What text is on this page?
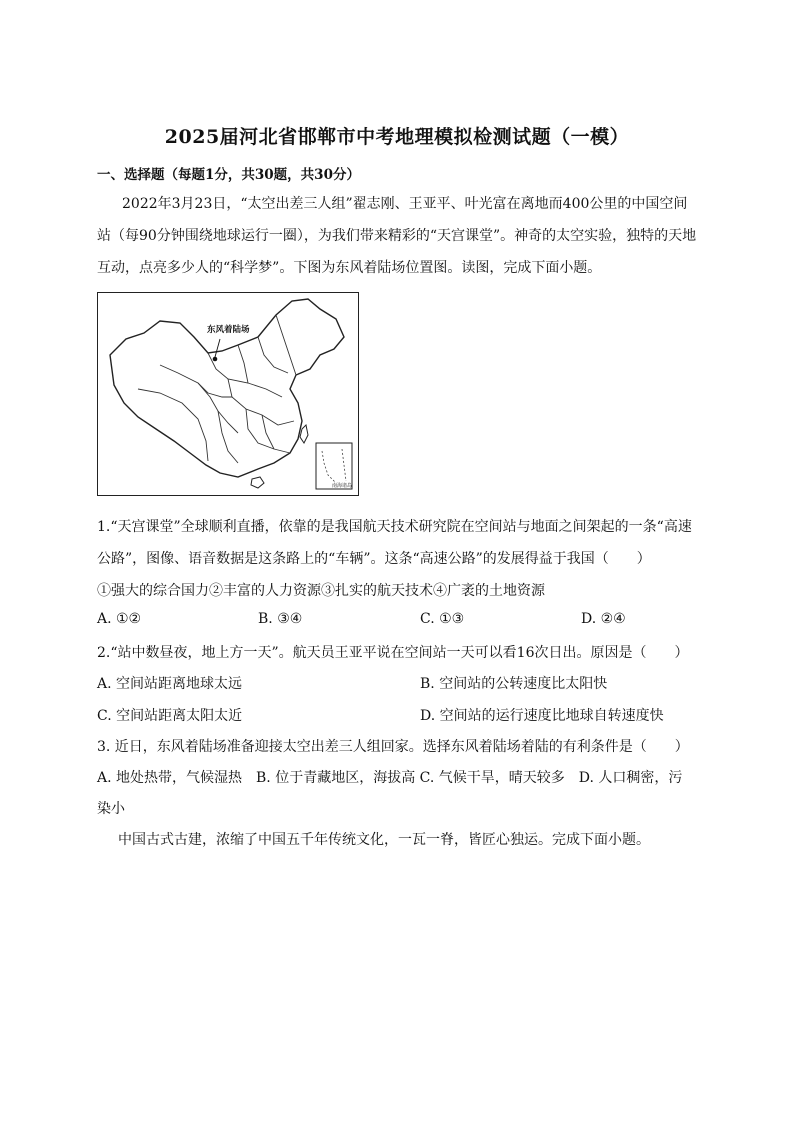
2025届河北省邯郸市中考地理模拟检测试题（一模）
一、选择题（每题1分，共30题，共30分）
2022年3月23日，“太空出差三人组”翟志刚、王亚平、叶光富在离地而400公里的中国空间
站（每90分钟围绕地球运行一圈），为我们带来精彩的“天宫课堂”。神奇的太空实验，独特的天地
互动，点亮多少人的“科学梦”。下图为东风着陆场位置图。读图，完成下面小题。
南海诸岛
东风着陆场
1.“天宫课堂”全球顺利直播，依靠的是我国航天技术研究院在空间站与地面之间架起的一条“高速
公路”，图像、语音数据是这条路上的“车辆”。这条“高速公路”的发展得益于我国（　　）
①强大的综合国力②丰富的人力资源③扎实的航天技术④广袤的土地资源
A. ①②	B. ③④	C. ①③	D. ②④
2.“站中数昼夜，地上方一天”。航天员王亚平说在空间站一天可以看16次日出。原因是（　　）
A. 空间站距离地球太远	B. 空间站的公转速度比太阳快
C. 空间站距离太阳太近	D. 空间站的运行速度比地球自转速度快
3. 近日，东风着陆场准备迎接太空出差三人组回家。选择东风着陆场着陆的有利条件是（　　）
A. 地处热带，气候湿热　B. 位于青藏地区，海拔高 C. 气候干旱，晴天较多　D. 人口稠密，污
染小
中国古式古建，浓缩了中国五千年传统文化，一瓦一脊，皆匠心独运。完成下面小题。
